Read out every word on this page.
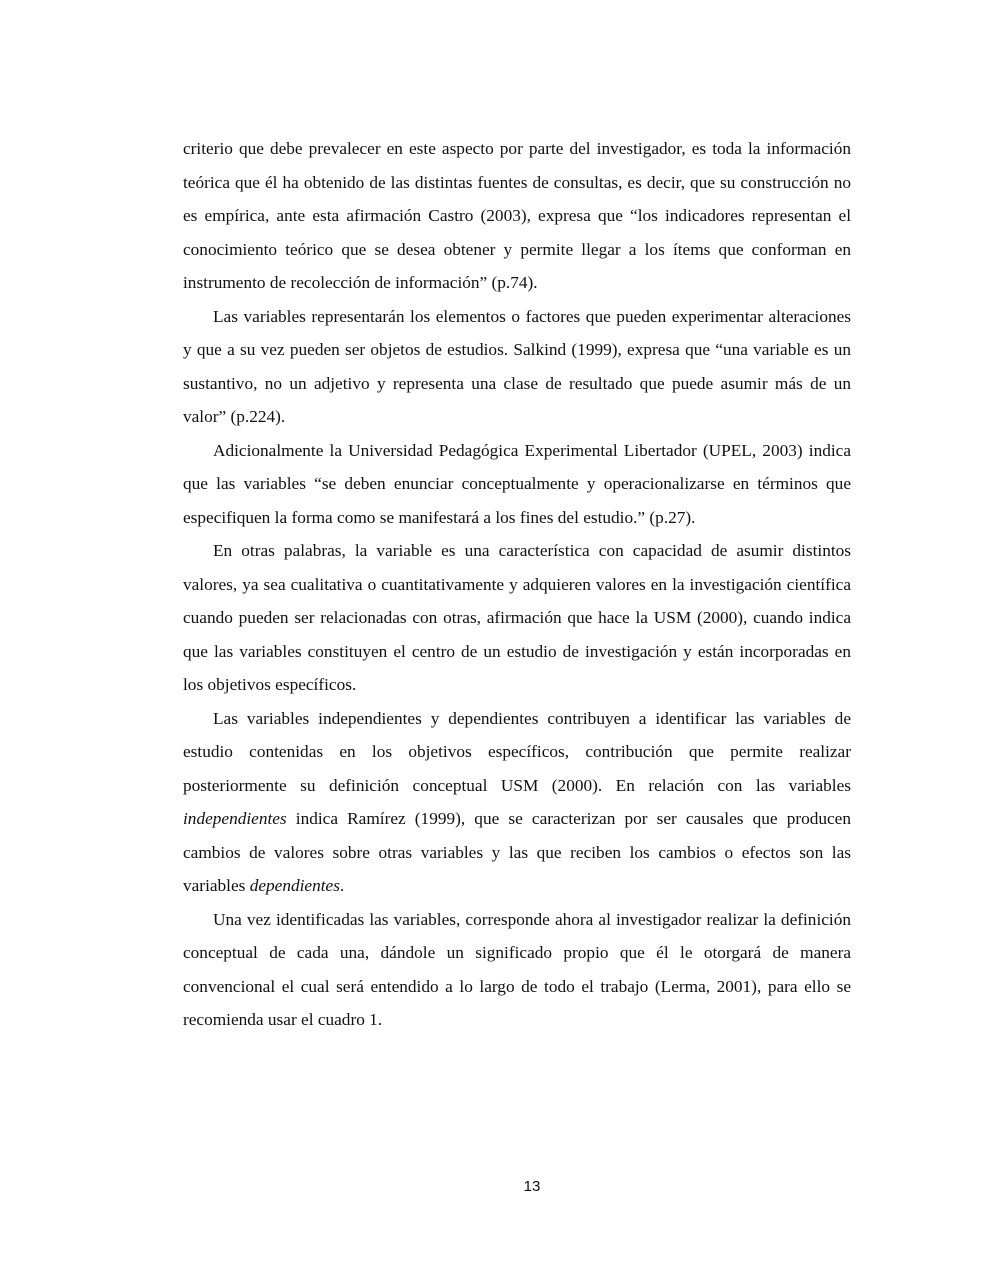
criterio que debe prevalecer en este aspecto por parte del investigador, es toda la información teórica que él ha obtenido de las distintas fuentes de consultas, es decir, que su construcción no es empírica, ante esta afirmación Castro (2003), expresa que “los indicadores representan el conocimiento teórico que se desea obtener y permite llegar a los ítems que conforman en instrumento de recolección de información” (p.74).

Las variables representarán los elementos o factores que pueden experimentar alteraciones y que a su vez pueden ser objetos de estudios. Salkind (1999), expresa que “una variable es un sustantivo, no un adjetivo y representa una clase de resultado que puede asumir más de un valor” (p.224).

Adicionalmente la Universidad Pedagógica Experimental Libertador (UPEL, 2003) indica que las variables “se deben enunciar conceptualmente y operacionalizarse en términos que especifiquen la forma como se manifestará a los fines del estudio.” (p.27).

En otras palabras, la variable es una característica con capacidad de asumir distintos valores, ya sea cualitativa o cuantitativamente y adquieren valores en la investigación científica cuando pueden ser relacionadas con otras, afirmación que hace la USM (2000), cuando indica que las variables constituyen el centro de un estudio de investigación y están incorporadas en los objetivos específicos.

Las variables independientes y dependientes contribuyen a identificar las variables de estudio contenidas en los objetivos específicos, contribución que permite realizar posteriormente su definición conceptual USM (2000). En relación con las variables independientes indica Ramírez (1999), que se caracterizan por ser causales que producen cambios de valores sobre otras variables y las que reciben los cambios o efectos son las variables dependientes.

Una vez identificadas las variables, corresponde ahora al investigador realizar la definición conceptual de cada una, dándole un significado propio que él le otorgará de manera convencional el cual será entendido a lo largo de todo el trabajo (Lerma, 2001), para ello se recomienda usar el cuadro 1.

13
